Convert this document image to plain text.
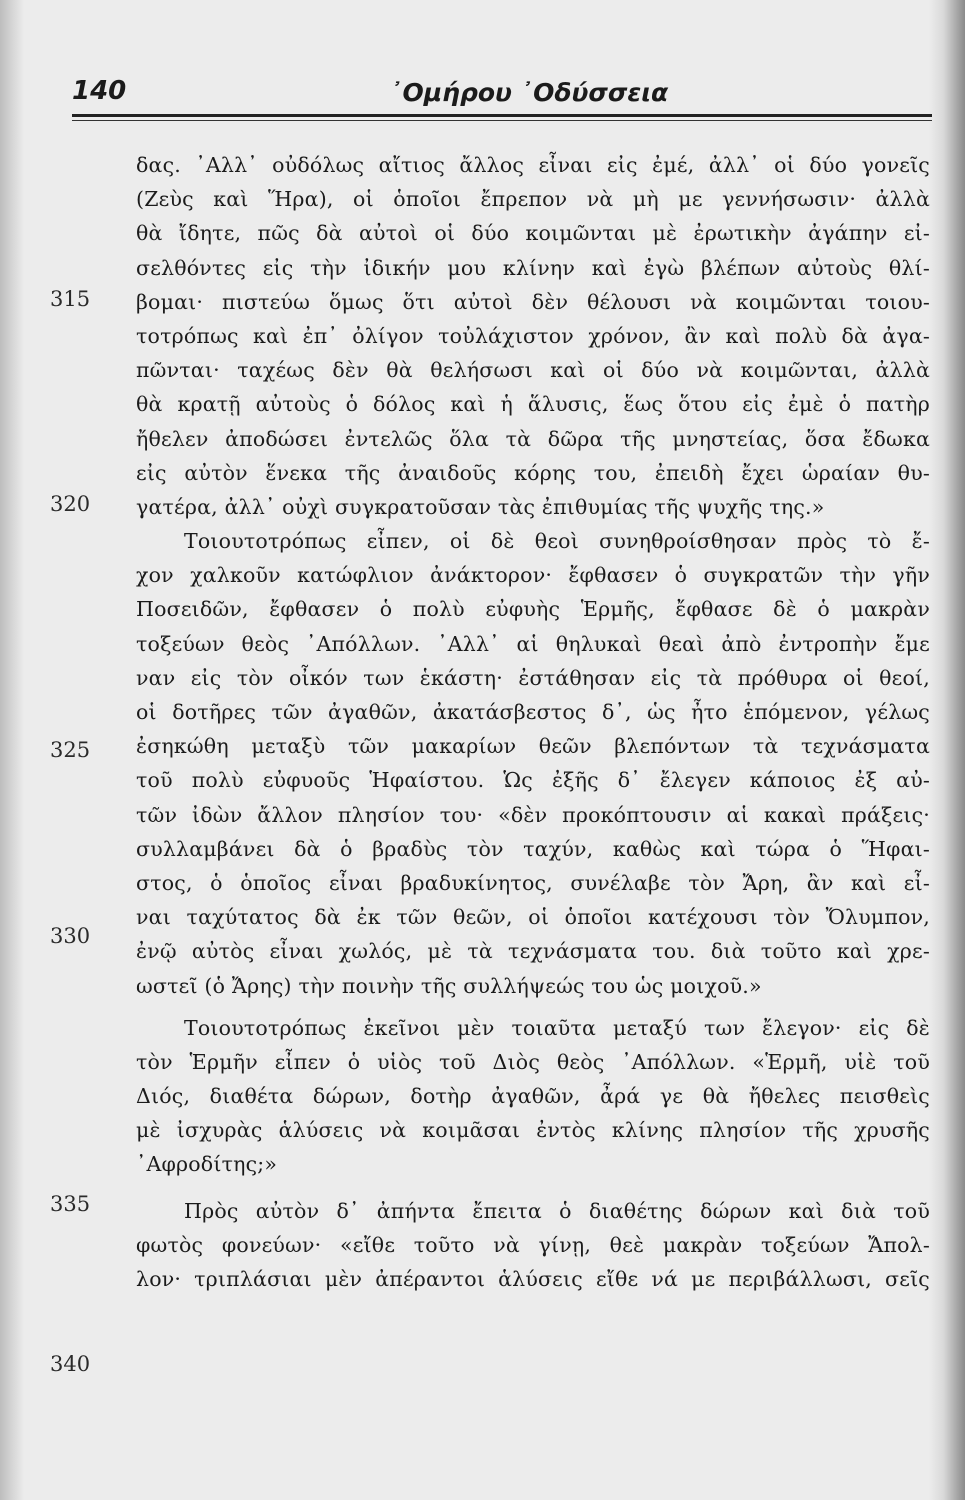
140	᾽Ομήρου ᾽Οδύσσεια
315
320
325
330
335
340
δας. ᾽Αλλ᾽ οὐδόλως αἴτιος ἄλλος εἶναι εἰς ἐμέ, ἀλλ᾽ οἱ δύο γονεῖς
(Ζεὺς καὶ Ἥρα), οἱ ὁποῖοι ἔπρεπον νὰ μὴ με γεννήσωσιν· ἀλλὰ
θὰ ἴδητε, πῶς δὰ αὐτοὶ οἱ δύο κοιμῶνται μὲ ἐρωτικὴν ἀγάπην εἰ-
σελθόντες εἰς τὴν ἰδικήν μου κλίνην καὶ ἐγὼ βλέπων αὐτοὺς θλί-
βομαι· πιστεύω ὅμως ὅτι αὐτοὶ δὲν θέλουσι νὰ κοιμῶνται τοιου-
τοτρόπως καὶ ἐπ᾽ ὀλίγον τοὐλάχιστον χρόνον, ἂν καὶ πολὺ δὰ ἀγα-
πῶνται· ταχέως δὲν θὰ θελήσωσι καὶ οἱ δύο νὰ κοιμῶνται, ἀλλὰ
θὰ κρατῇ αὐτοὺς ὁ δόλος καὶ ἡ ἅλυσις, ἕως ὅτου εἰς ἐμὲ ὁ πατὴρ
ἤθελεν ἀποδώσει ἐντελῶς ὅλα τὰ δῶρα τῆς μνηστείας, ὅσα ἔδωκα
εἰς αὐτὸν ἕνεκα τῆς ἀναιδοῦς κόρης του, ἐπειδὴ ἔχει ὡραίαν θυ-
γατέρα, ἀλλ᾽ οὐχὶ συγκρατοῦσαν τὰς ἐπιθυμίας τῆς ψυχῆς της.»
Τοιουτοτρόπως εἶπεν, οἱ δὲ θεοὶ συνηθροίσθησαν πρὸς τὸ ἔ-
χον χαλκοῦν κατώφλιον ἀνάκτορον· ἔφθασεν ὁ συγκρατῶν τὴν γῆν
Ποσειδῶν, ἔφθασεν ὁ πολὺ εὐφυὴς Ἑρμῆς, ἔφθασε δὲ ὁ μακρὰν
τοξεύων θεὸς ᾽Απόλλων. ᾽Αλλ᾽ αἱ θηλυκαὶ θεαὶ ἀπὸ ἐντροπὴν ἔμε
ναν εἰς τὸν οἶκόν των ἑκάστη· ἐστάθησαν εἰς τὰ πρόθυρα οἱ θεοί,
οἱ δοτῆρες τῶν ἀγαθῶν, ἀκατάσβεστος δ᾽, ὡς ἦτο ἑπόμενον, γέλως
ἐσηκώθη μεταξὺ τῶν μακαρίων θεῶν βλεπόντων τὰ τεχνάσματα
τοῦ πολὺ εὐφυοῦς Ἡφαίστου. Ὡς ἐξῆς δ᾽ ἔλεγεν κάποιος ἐξ αὐ-
τῶν ἰδὼν ἄλλον πλησίον του· «δὲν προκόπτουσιν αἱ κακαὶ πράξεις·
συλλαμβάνει δὰ ὁ βραδὺς τὸν ταχύν, καθὼς καὶ τώρα ὁ Ἥφαι-
στος, ὁ ὁποῖος εἶναι βραδυκίνητος, συνέλαβε τὸν Ἄρη, ἂν καὶ εἶ-
ναι ταχύτατος δὰ ἐκ τῶν θεῶν, οἱ ὁποῖοι κατέχουσι τὸν Ὄλυμπον,
ἐνῷ αὐτὸς εἶναι χωλός, μὲ τὰ τεχνάσματα του. διὰ τοῦτο καὶ χρε-
ωστεῖ (ὁ Ἄρης) τὴν ποινὴν τῆς συλλήψεώς του ὡς μοιχοῦ.»
Τοιουτοτρόπως ἐκεῖνοι μὲν τοιαῦτα μεταξύ των ἔλεγον· εἰς δὲ
τὸν Ἑρμῆν εἶπεν ὁ υἱὸς τοῦ Διὸς θεὸς ᾽Απόλλων. «Ἑρμῆ, υἱὲ τοῦ
Διός, διαθέτα δώρων, δοτὴρ ἀγαθῶν, ἆρά γε θὰ ἤθελες πεισθεὶς
μὲ ἰσχυρὰς ἁλύσεις νὰ κοιμᾶσαι ἐντὸς κλίνης πλησίον τῆς χρυσῆς
᾽Αφροδίτης;»
Πρὸς αὐτὸν δ᾽ ἀπήντα ἔπειτα ὁ διαθέτης δώρων καὶ διὰ τοῦ
φωτὸς φονεύων· «εἴθε τοῦτο νὰ γίνῃ, θεὲ μακρὰν τοξεύων Ἄπολ-
λον· τριπλάσιαι μὲν ἀπέραντοι ἁλύσεις εἴθε νά με περιβάλλωσι, σεῖς
